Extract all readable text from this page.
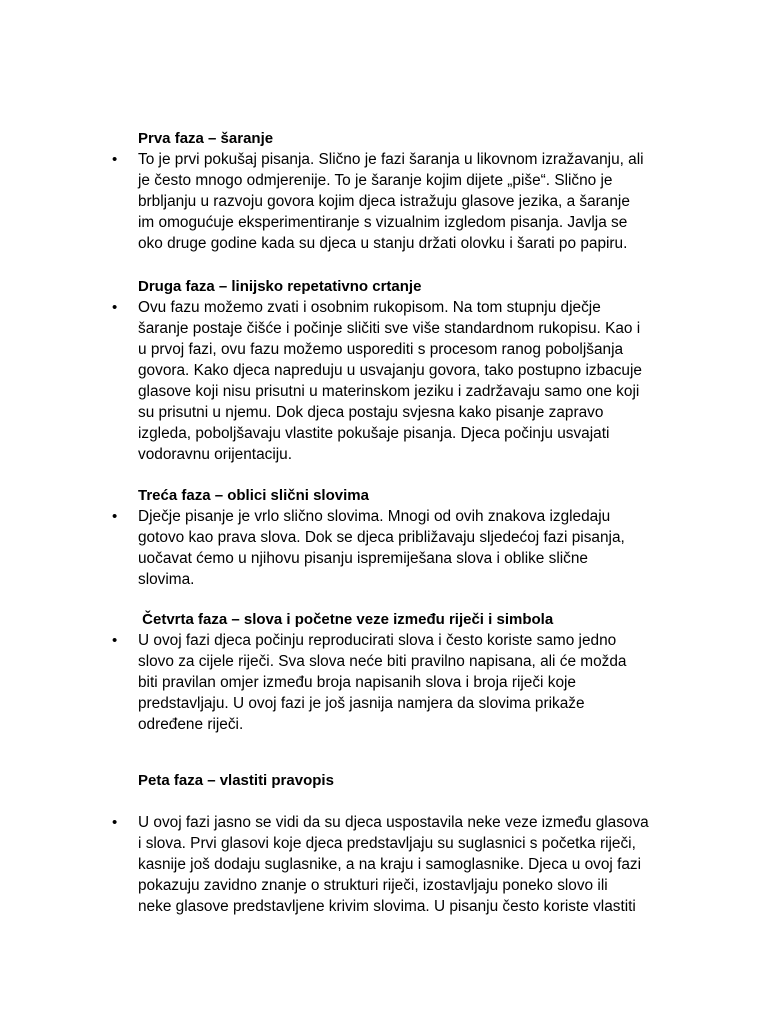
Prva faza – šaranje
• To je prvi pokušaj pisanja. Slično je fazi šaranja u likovnom izražavanju, ali
je često mnogo odmjerenije. To je šaranje kojim dijete „piše“. Slično je
brbljanju u razvoju govora kojim djeca istražuju glasove jezika, a šaranje
im omogućuje eksperimentiranje s vizualnim izgledom pisanja. Javlja se
oko druge godine kada su djeca u stanju držati olovku i šarati po papiru.
Druga faza – linijsko repetativno crtanje
• Ovu fazu možemo zvati i osobnim rukopisom. Na tom stupnju dječje
šaranje postaje čišće i počinje sličiti sve više standardnom rukopisu. Kao i
u prvoj fazi, ovu fazu možemo usporediti s procesom ranog poboljšanja
govora. Kako djeca napreduju u usvajanju govora, tako postupno izbacuje
glasove koji nisu prisutni u materinskom jeziku i zadržavaju samo one koji
su prisutni u njemu. Dok djeca postaju svjesna kako pisanje zapravo
izgleda, poboljšavaju vlastite pokušaje pisanja. Djeca počinju usvajati
vodoravnu orijentaciju.
Treća faza – oblici slični slovima
• Dječje pisanje je vrlo slično slovima. Mnogi od ovih znakova izgledaju
gotovo kao prava slova. Dok se djeca približavaju sljedećoj fazi pisanja,
uočavat ćemo u njihovu pisanju ispremiješana slova i oblike slične
slovima.
Četvrta faza – slova i početne veze između riječi i simbola
• U ovoj fazi djeca počinju reproducirati slova i često koriste samo jedno
slovo za cijele riječi. Sva slova neće biti pravilno napisana, ali će možda
biti pravilan omjer između broja napisanih slova i broja riječi koje
predstavljaju. U ovoj fazi je još jasnija namjera da slovima prikaže
određene riječi.
Peta faza – vlastiti pravopis
• U ovoj fazi jasno se vidi da su djeca uspostavila neke veze između glasova
i slova. Prvi glasovi koje djeca predstavljaju su suglasnici s početka riječi,
kasnije još dodaju suglasnike, a na kraju i samoglasnike. Djeca u ovoj fazi
pokazuju zavidno znanje o strukturi riječi, izostavljaju poneko slovo ili
neke glasove predstavljene krivim slovima. U pisanju često koriste vlastiti
